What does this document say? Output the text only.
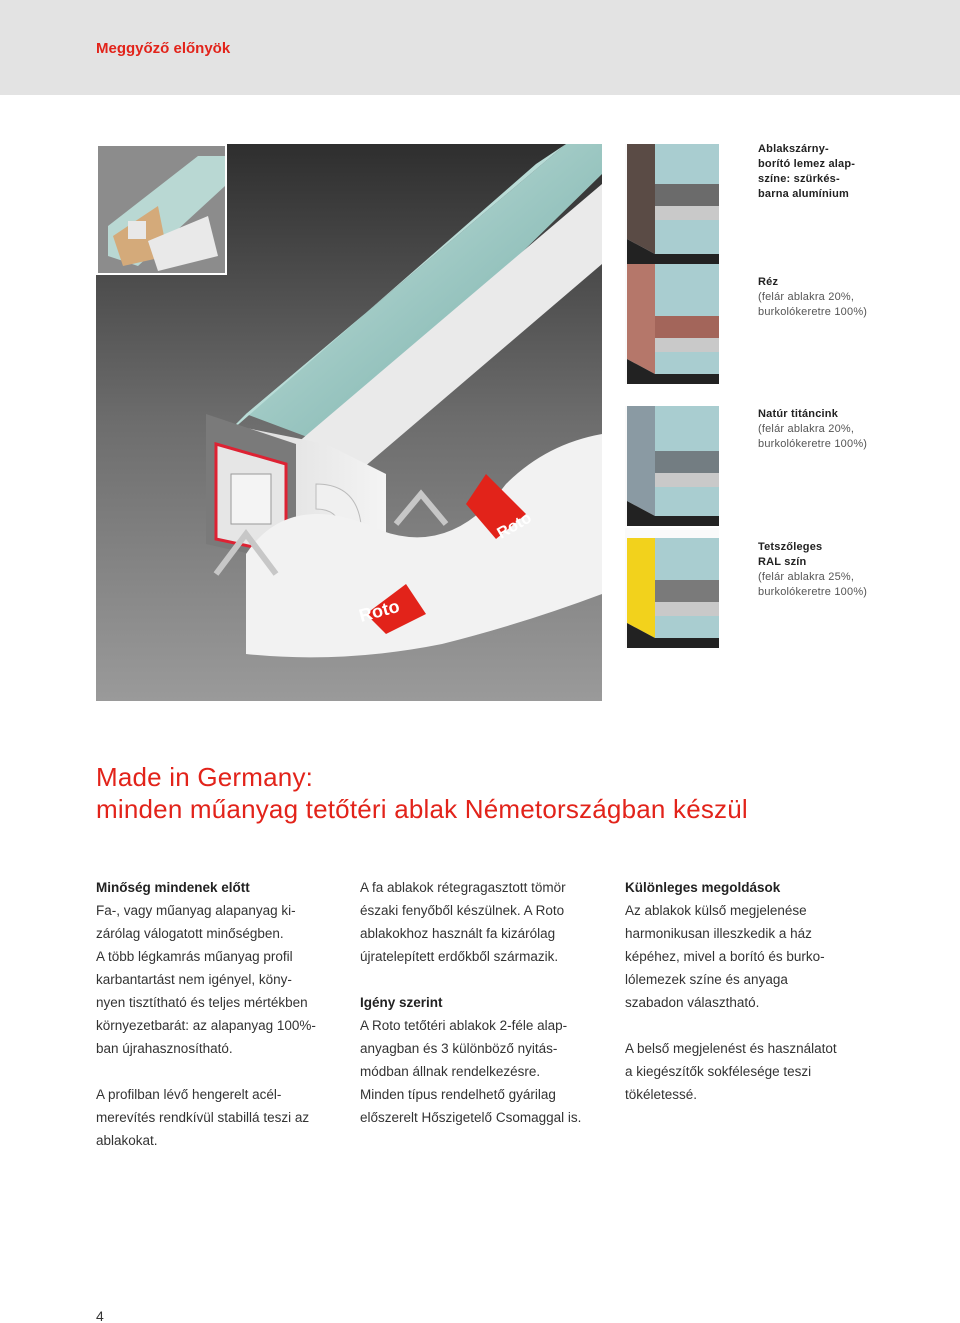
Meggyőző előnyök
Roto
Roto
Ablakszárny-
borító lemez alap-
színe: szürkés-
barna alumínium
Réz
(felár ablakra 20%,
burkolókeretre 100%)
Natúr titáncink
(felár ablakra 20%,
burkolókeretre 100%)
Tetszőleges
RAL szín
(felár ablakra 25%,
burkolókeretre 100%)
Made in Germany:
minden műanyag tetőtéri ablak Németországban készül
Minőség mindenek előtt

Fa-, vagy műanyag alapanyag ki-

zárólag válogatott minőségben.

A több légkamrás műanyag profil

karbantartást nem igényel, köny-

nyen tisztítható és teljes mértékben

környezetbarát: az alapanyag 100%-

ban újrahasznosítható.

A profilban lévő hengerelt acél-

merevítés rendkívül stabillá teszi az

ablakokat.

A fa ablakok rétegragasztott tömör

északi fenyőből készülnek. A Roto

ablakokhoz használt fa kizárólag

újratelepített erdőkből származik.

Igény szerint

A Roto tetőtéri ablakok 2-féle alap-

anyagban és 3 különböző nyitás-

módban állnak rendelkezésre.

Minden típus rendelhető gyárilag

előszerelt Hőszigetelő Csomaggal is.

Különleges megoldások

Az ablakok külső megjelenése

harmonikusan illeszkedik a ház

képéhez, mivel a borító és burko-

lólemezek színe és anyaga

szabadon választható.

A belső megjelenést és használatot

a kiegészítők sokfélesége teszi

tökéletessé.

4
